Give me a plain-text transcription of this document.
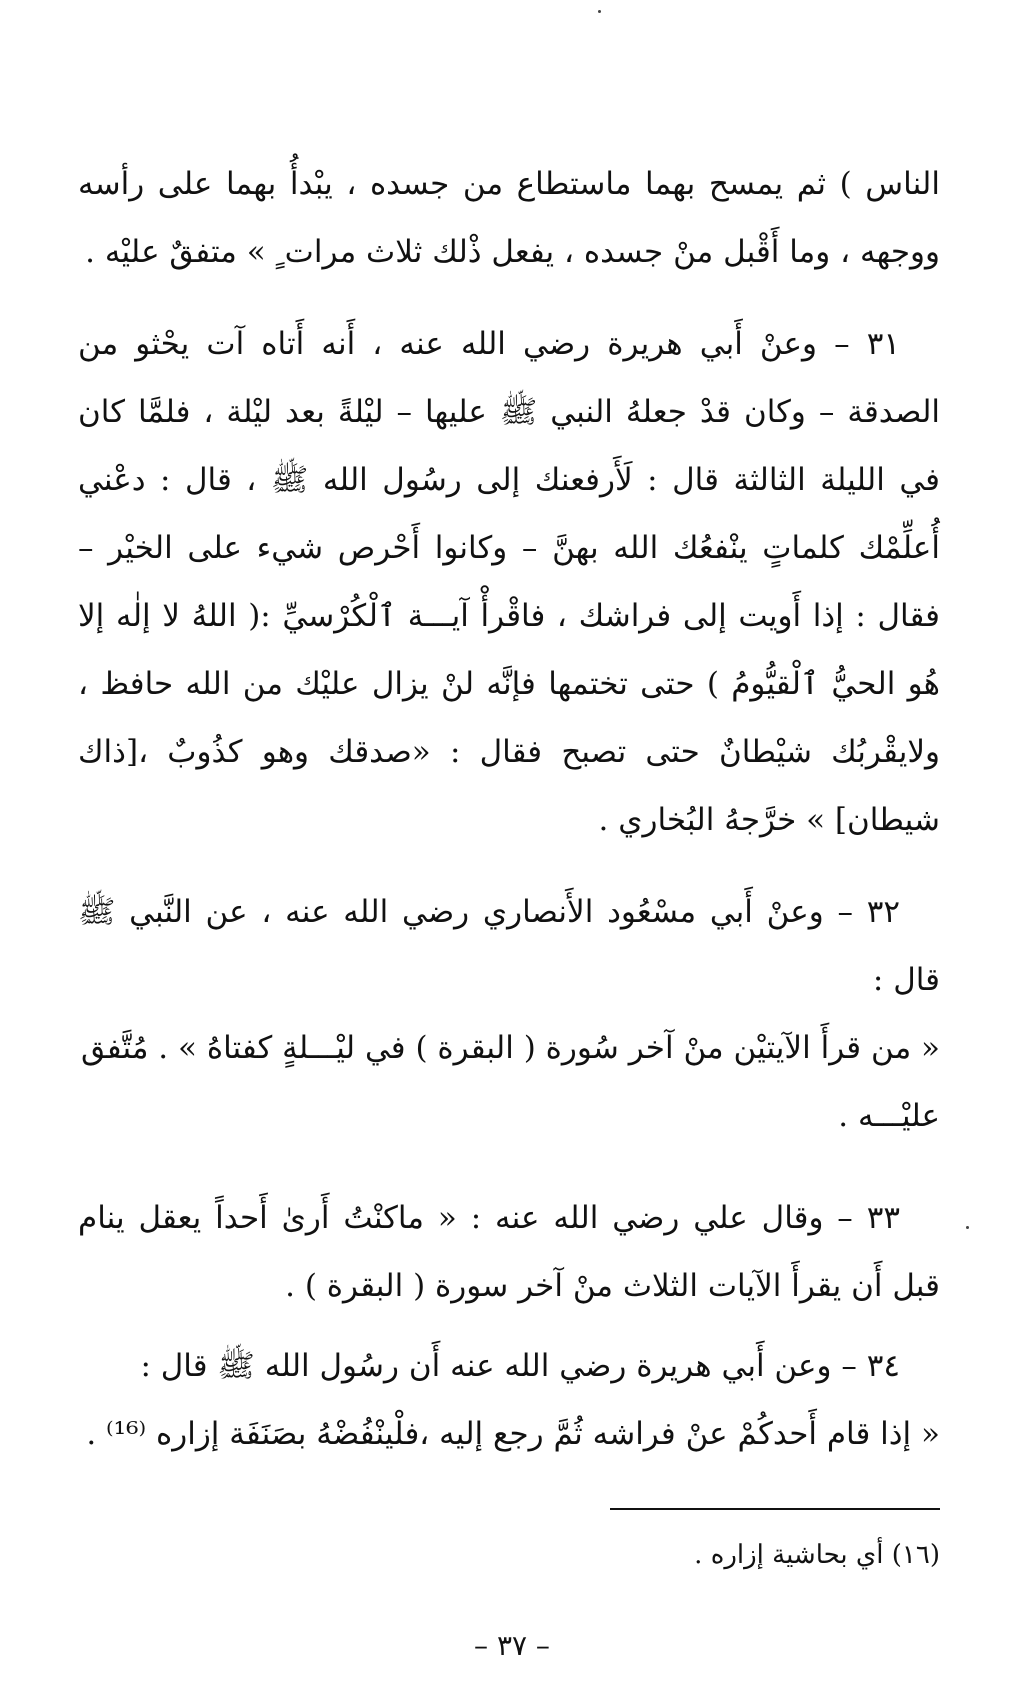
الناس ) ثم يمسح بهما ماستطاع من جسده ، يبْدأُ بهما على رأسه ووجهه ، وما أَقْبل منْ جسده ، يفعل ذْلك ثلاث مرات ٍ » متفقٌ عليْه .

٣١ – وعنْ أَبي هريرة رضي الله عنه ، أَنه أَتاه آت يحْثو من الصدقة – وكان قدْ جعلهُ النبي ﷺ عليها – ليْلةً بعد ليْلة ، فلمَّا كان في الليلة الثالثة قال : لَأَرفعنك إلى رسُول الله ﷺ ، قال : دعْني أُعلِّمْك كلماتٍ ينْفعُك الله بهنَّ – وكانوا أَحْرص شيء على الخيْر – فقال : إذا أَويت إلى فراشك ، فاقْرأْ آيـــة ٱلْكُرْسيِّ :( اللهُ لا إلٰه إلا هُو الحيُّ ٱلْقيُّومُ ) حتى تختمها فإنَّه لنْ يزال عليْك من الله حافظ ، ولايقْربُك شيْطانٌ حتى تصبح فقال : «صدقك وهو كذُوبٌ ،[ذاك شيطان] » خرَّجهُ البُخاري .

٣٢ – وعنْ أَبي مسْعُود الأَنصاري رضي الله عنه ، عن النَّبي ﷺ قال :

« من قرأَ الآيتيْن منْ آخر سُورة ( البقرة ) في ليْـــلةٍ كفتاهُ » . مُتَّفق عليْـــه .

٣٣ – وقال علي رضي الله عنه : « ماكنْتُ أَرىٰ أَحداً يعقل ينام قبل أَن يقرأَ الآيات الثلاث منْ آخر سورة ( البقرة ) .

٣٤ – وعن أَبي هريرة رضي الله عنه أَن رسُول الله ﷺ قال :

« إذا قام أَحدكُمْ عنْ فراشه ثُمَّ رجع إليه ،فلْينْفُضْهُ بصَنَفَة إزاره ⁽¹⁶⁾ .

(١٦) أي بحاشية إزاره .
– ٣٧ –
